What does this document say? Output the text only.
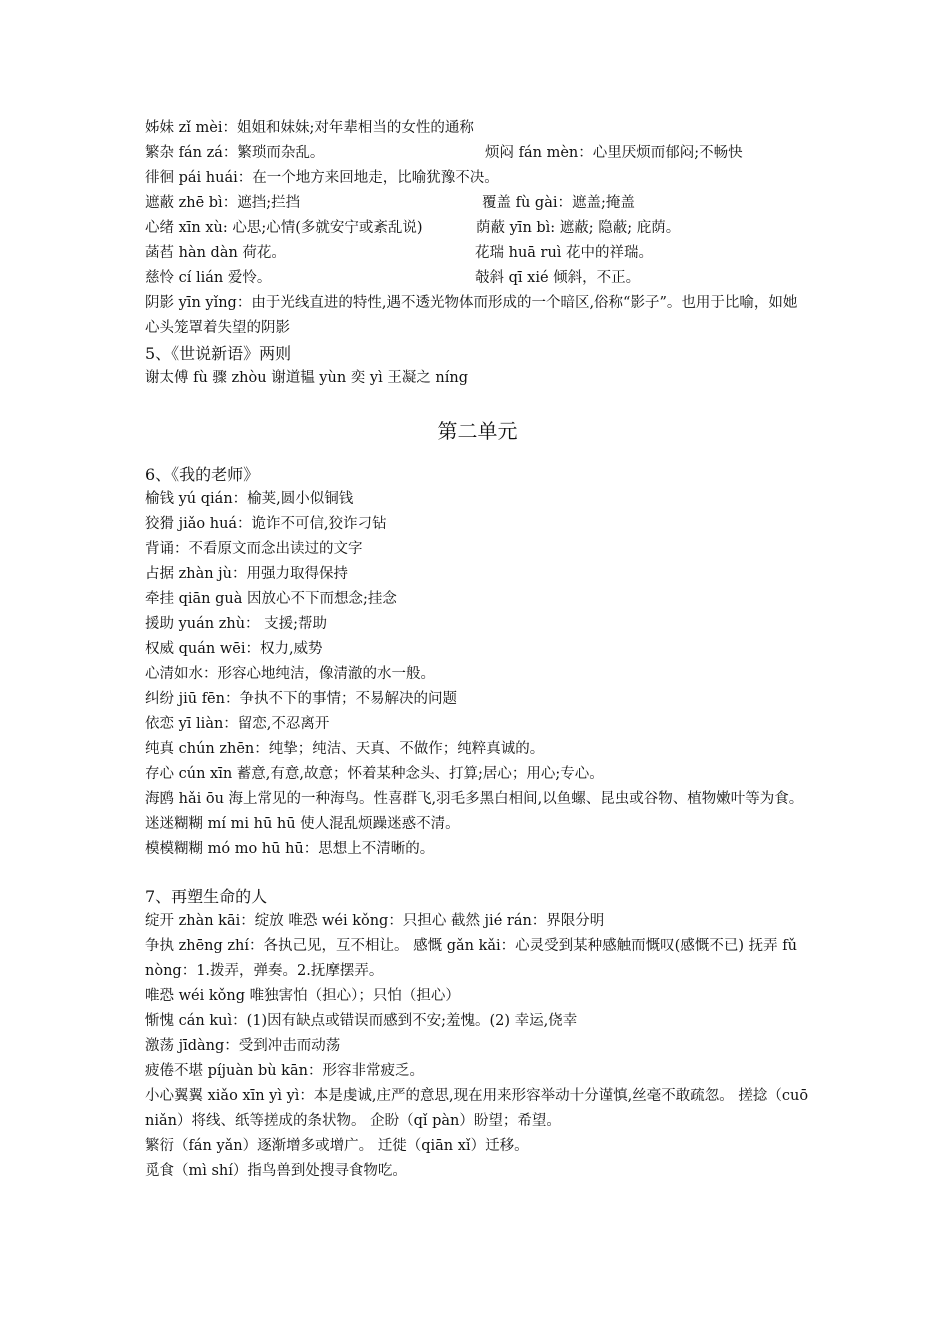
姊妹 zǐ mèi：姐姐和妹妹;对年辈相当的女性的通称
繁杂 fán zá：繁琐而杂乱。	烦闷 fán mèn：心里厌烦而郁闷;不畅快
徘徊 pái huái：在一个地方来回地走，比喻犹豫不决。
遮蔽 zhē bì：遮挡;拦挡	覆盖 fù gài：遮盖;掩盖
心绪 xīn xù: 心思;心情(多就安宁或紊乱说)	荫蔽 yīn bì: 遮蔽; 隐蔽; 庇荫。
菡萏 hàn dàn 荷花。	花瑞 huā ruì 花中的祥瑞。
慈怜 cí lián 爱怜。	攲斜 qī xié 倾斜，不正。
阴影 yīn yǐng：由于光线直进的特性,遇不透光物体而形成的一个暗区,俗称“影子”。也用于比喻，如她心头笼罩着失望的阴影
5、《世说新语》两则
谢太傅 fù 骤 zhòu 谢道韫 yùn 奕 yì 王凝之 níng
第二单元
6、《我的老师》
榆钱 yú qián：榆荚,圆小似铜钱
狡猾 jiǎo huá：诡诈不可信,狡诈刁钻
背诵：不看原文而念出读过的文字
占据 zhàn jù：用强力取得保持
牵挂 qiān guà 因放心不下而想念;挂念
援助 yuán zhù： 支援;帮助
权威 quán wēi：权力,威势
心清如水：形容心地纯洁，像清澈的水一般。
纠纷 jiū fēn：争执不下的事情；不易解决的问题
依恋 yī liàn：留恋,不忍离开
纯真 chún zhēn：纯挚；纯洁、天真、不做作；纯粹真诚的。
存心 cún xīn 蓄意,有意,故意；怀着某种念头、打算;居心；用心;专心。
海鸥 hǎi ōu 海上常见的一种海鸟。性喜群飞,羽毛多黑白相间,以鱼螺、昆虫或谷物、植物嫩叶等为食。
迷迷糊糊 mí mi hū hū 使人混乱烦躁迷惑不清。
模模糊糊 mó mo hū hū：思想上不清晰的。
7、再塑生命的人
绽开 zhàn kāi：绽放 唯恐 wéi kǒng：只担心 截然 jié rán：界限分明
争执 zhēng zhí：各执己见，互不相让。 感慨 gǎn kǎi：心灵受到某种感触而慨叹(感慨不已) 抚弄 fǔ nòng：1.拨弄，弹奏。2.抚摩摆弄。
唯恐 wéi kǒng 唯独害怕（担心）；只怕（担心）
惭愧 cán kuì：(1)因有缺点或错误而感到不安;羞愧。(2) 幸运,侥幸
激荡 jīdàng：受到冲击而动荡
疲倦不堪 píjuàn bù kān：形容非常疲乏。
小心翼翼 xiǎo xīn yì yì：本是虔诚,庄严的意思,现在用来形容举动十分谨慎,丝毫不敢疏忽。 搓捻（cuō niǎn）将线、纸等搓成的条状物。 企盼（qǐ pàn）盼望；希望。
繁衍（fán yǎn）逐渐增多或增广。 迁徙（qiān xǐ）迁移。
觅食（mì shí）指鸟兽到处搜寻食物吃。
